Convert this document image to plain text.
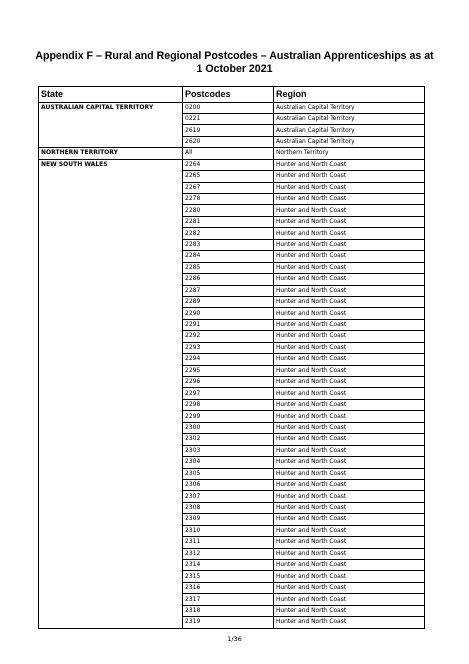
Appendix F – Rural and Regional Postcodes – Australian Apprenticeships as at
1 October 2021
State	Postcodes	Region
AUSTRALIAN CAPITAL TERRITORY	0200	Australian Capital Territory
	0221	Australian Capital Territory
	2619	Australian Capital Territory
	2620	Australian Capital Territory
NORTHERN TERRITORY	All	Northern Territory
NEW SOUTH WALES	2264	Hunter and North Coast
	2265	Hunter and North Coast
	2267	Hunter and North Coast
	2278	Hunter and North Coast
	2280	Hunter and North Coast
	2281	Hunter and North Coast
	2282	Hunter and North Coast
	2283	Hunter and North Coast
	2284	Hunter and North Coast
	2285	Hunter and North Coast
	2286	Hunter and North Coast
	2287	Hunter and North Coast
	2289	Hunter and North Coast
	2290	Hunter and North Coast
	2291	Hunter and North Coast
	2292	Hunter and North Coast
	2293	Hunter and North Coast
	2294	Hunter and North Coast
	2295	Hunter and North Coast
	2296	Hunter and North Coast
	2297	Hunter and North Coast
	2298	Hunter and North Coast
	2299	Hunter and North Coast
	2300	Hunter and North Coast
	2302	Hunter and North Coast
	2303	Hunter and North Coast
	2304	Hunter and North Coast
	2305	Hunter and North Coast
	2306	Hunter and North Coast
	2307	Hunter and North Coast
	2308	Hunter and North Coast
	2309	Hunter and North Coast
	2310	Hunter and North Coast
	2311	Hunter and North Coast
	2312	Hunter and North Coast
	2314	Hunter and North Coast
	2315	Hunter and North Coast
	2316	Hunter and North Coast
	2317	Hunter and North Coast
	2318	Hunter and North Coast
	2319	Hunter and North Coast
1/36
